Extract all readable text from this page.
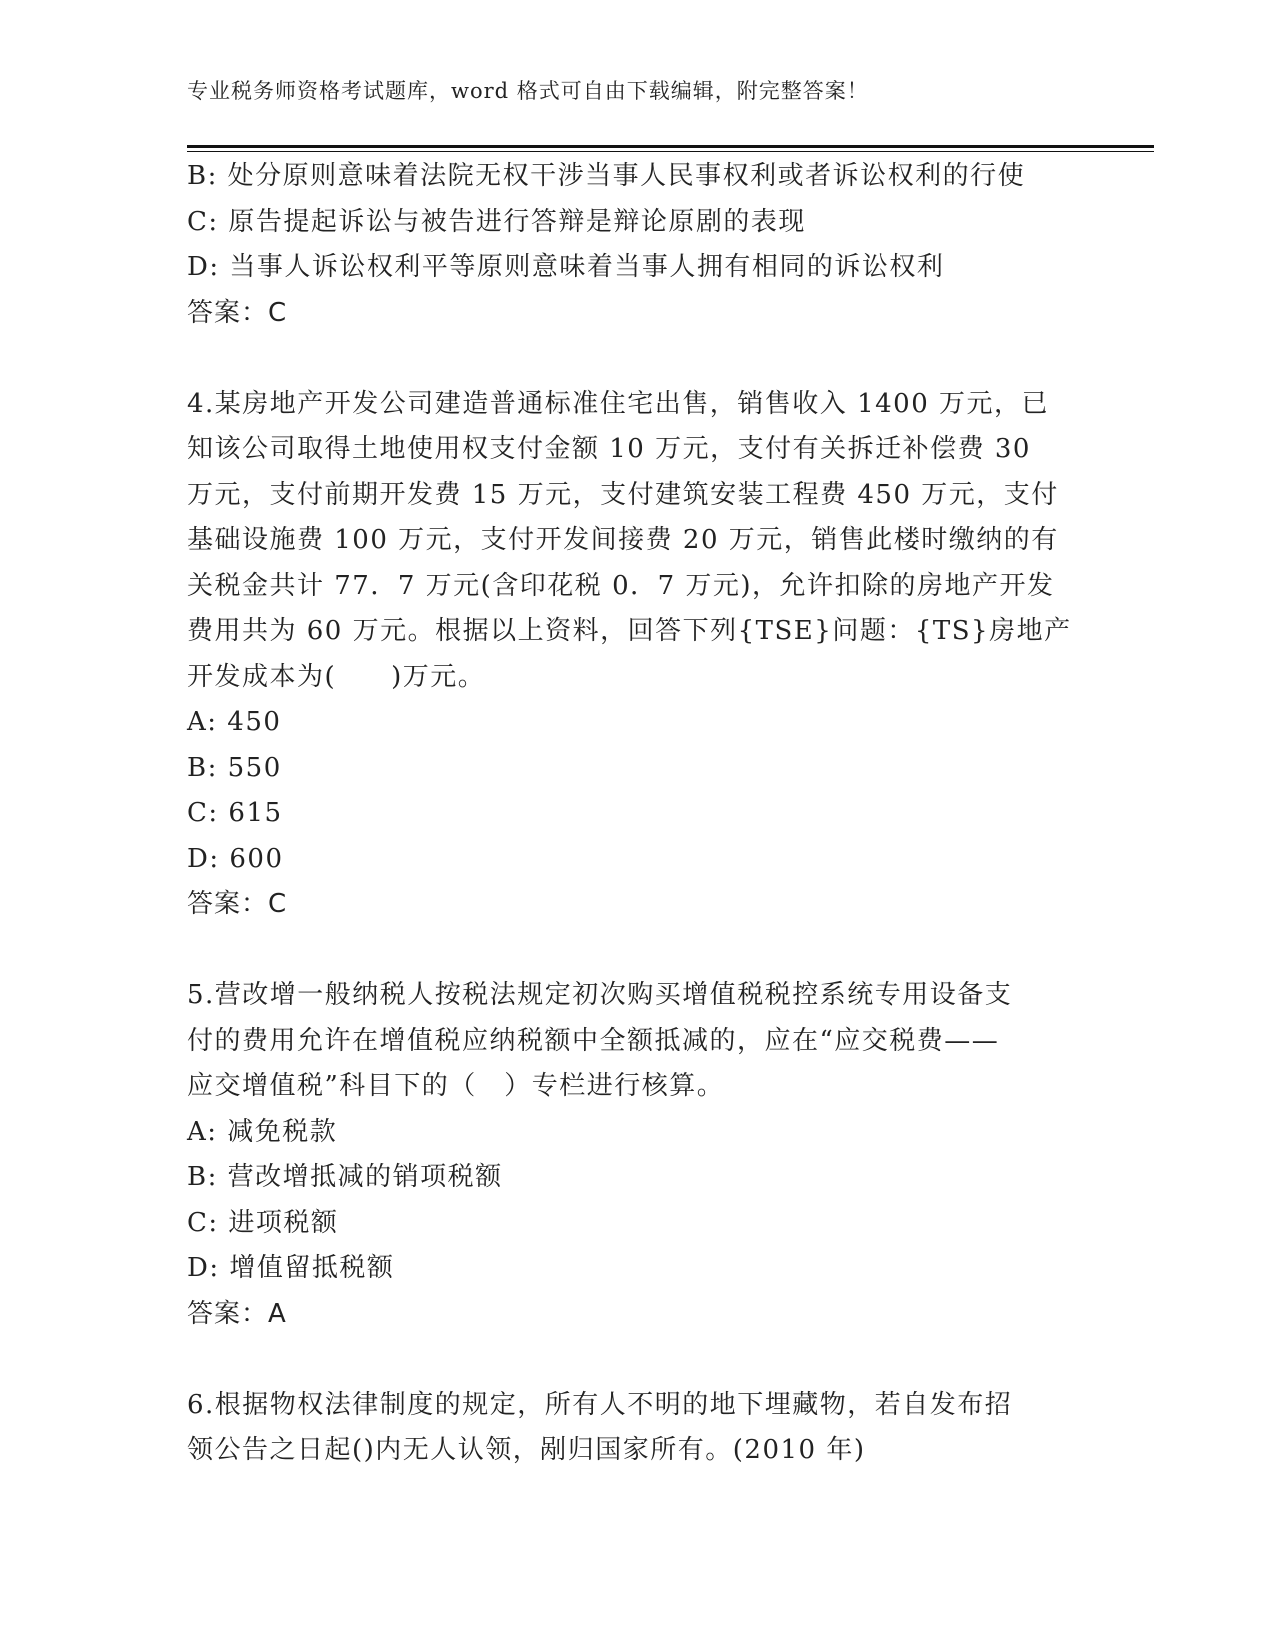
专业税务师资格考试题库，word 格式可自由下载编辑，附完整答案！
B: 处分原则意味着法院无权干涉当事人民事权利或者诉讼权利的行使
C: 原告提起诉讼与被告进行答辩是辩论原剧的表现
D: 当事人诉讼权利平等原则意味着当事人拥有相同的诉讼权利
答案：C
4.某房地产开发公司建造普通标准住宅出售，销售收入 1400 万元，已
知该公司取得土地使用权支付金额 10 万元，支付有关拆迁补偿费 30
万元，支付前期开发费 15 万元，支付建筑安装工程费 450 万元，支付
基础设施费 100 万元，支付开发间接费 20 万元，销售此楼时缴纳的有
关税金共计 77．7 万元(含印花税 0．7 万元)，允许扣除的房地产开发
费用共为 60 万元。根据以上资料，回答下列{TSE}问题：{TS}房地产
开发成本为(　　)万元。
A: 450
B: 550
C: 615
D: 600
答案：C
5.营改增一般纳税人按税法规定初次购买增值税税控系统专用设备支
付的费用允许在增值税应纳税额中全额抵减的，应在“应交税费——
应交增值税”科目下的（　）专栏进行核算。
A: 减免税款
B: 营改增抵减的销项税额
C: 进项税额
D: 增值留抵税额
答案：A
6.根据物权法律制度的规定，所有人不明的地下埋藏物，若自发布招
领公告之日起()内无人认领，剐归国家所有。(2010 年)
